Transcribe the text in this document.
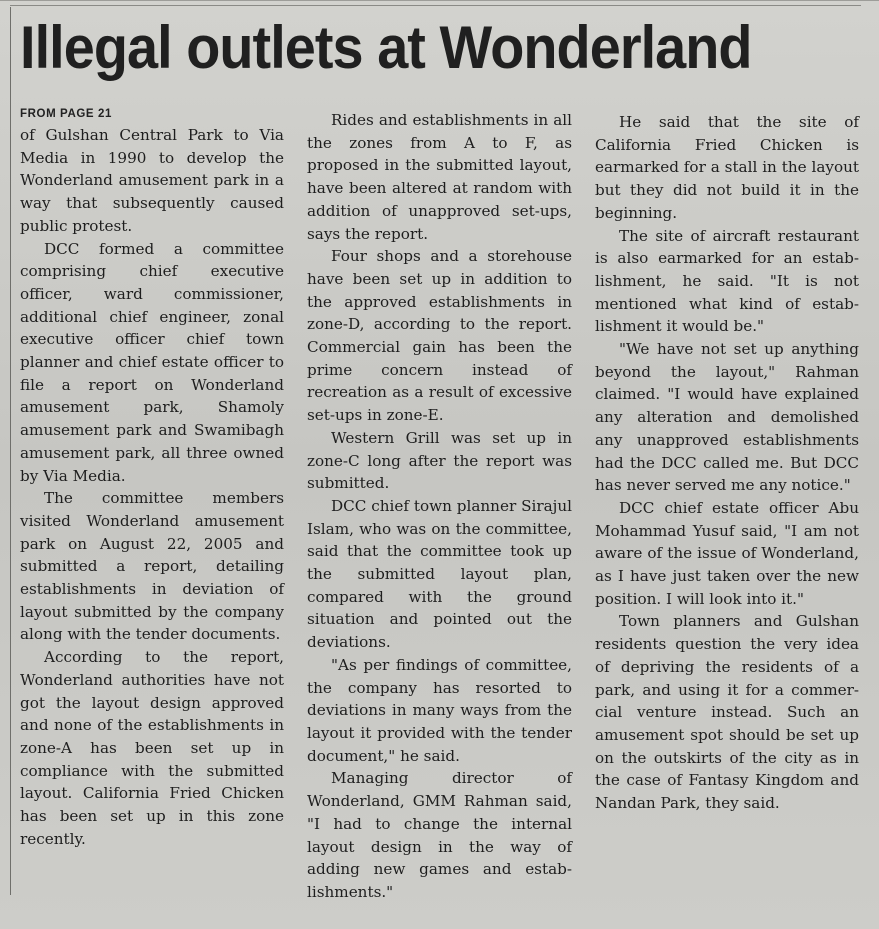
Illegal outlets at Wonderland
FROM PAGE 21

of Gulshan Central Park to Via Media in 1990 to develop the Wonderland amusement park in a way that subsequently caused public protest.

DCC formed a committee comprising chief executive officer, ward commissioner, additional chief engineer, zonal executive officer chief town planner and chief estate officer to file a report on Wonderland amusement park, Shamoly amusement park and Swamibagh amusement park, all three owned by Via Media.

The committee members visited Wonderland amusement park on August 22, 2005 and submitted a report, detailing establishments in deviation of layout submitted by the company along with the tender documents.

According to the report, Wonderland authorities have not got the layout design approved and none of the establishments in zone-A has been set up in compliance with the submitted layout. California Fried Chicken has been set up in this zone recently.

Rides and establishments in all the zones from A to F, as proposed in the submitted layout, have been altered at random with addition of unapproved set-ups, says the report.

Four shops and a storehouse have been set up in addition to the approved establishments in zone-D, according to the report. Commercial gain has been the prime concern instead of recreation as a result of excessive set-ups in zone-E.

Western Grill was set up in zone-C long after the report was submitted.

DCC chief town planner Sirajul Islam, who was on the committee, said that the committee took up the submitted layout plan, compared with the ground situation and pointed out the deviations.

"As per findings of committee, the company has resorted to deviations in many ways from the layout it provided with the tender document," he said.

Managing director of Wonderland, GMM Rahman said, "I had to change the internal layout design in the way of adding new games and establishments."

He said that the site of California Fried Chicken is earmarked for a stall in the layout but they did not build it in the beginning.

The site of aircraft restaurant is also earmarked for an establishment, he said. "It is not mentioned what kind of establishment it would be."

"We have not set up anything beyond the layout," Rahman claimed. "I would have explained any alteration and demolished any unapproved establishments had the DCC called me. But DCC has never served me any notice."

DCC chief estate officer Abu Mohammad Yusuf said, "I am not aware of the issue of Wonderland, as I have just taken over the new position. I will look into it."

Town planners and Gulshan residents question the very idea of depriving the residents of a park, and using it for a commercial venture instead. Such an amusement spot should be set up on the outskirts of the city as in the case of Fantasy Kingdom and Nandan Park, they said.
